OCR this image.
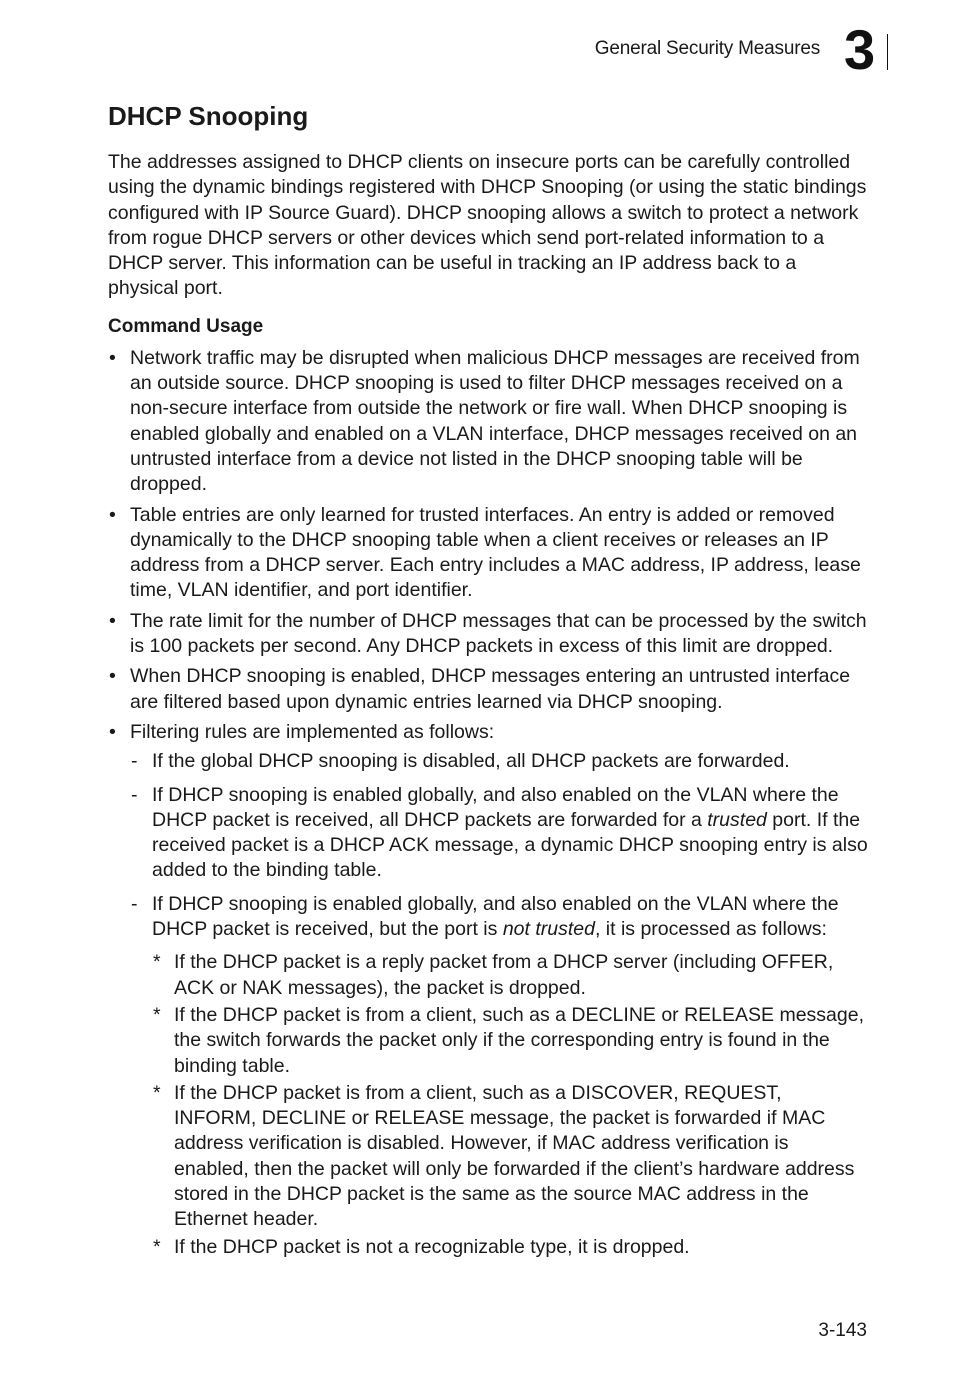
General Security Measures 3
DHCP Snooping

The addresses assigned to DHCP clients on insecure ports can be carefully controlled using the dynamic bindings registered with DHCP Snooping (or using the static bindings configured with IP Source Guard). DHCP snooping allows a switch to protect a network from rogue DHCP servers or other devices which send port-related information to a DHCP server. This information can be useful in tracking an IP address back to a physical port.

Command Usage
• Network traffic may be disrupted when malicious DHCP messages are received from an outside source. DHCP snooping is used to filter DHCP messages received on a non-secure interface from outside the network or fire wall. When DHCP snooping is enabled globally and enabled on a VLAN interface, DHCP messages received on an untrusted interface from a device not listed in the DHCP snooping table will be dropped.
• Table entries are only learned for trusted interfaces. An entry is added or removed dynamically to the DHCP snooping table when a client receives or releases an IP address from a DHCP server. Each entry includes a MAC address, IP address, lease time, VLAN identifier, and port identifier.
• The rate limit for the number of DHCP messages that can be processed by the switch is 100 packets per second. Any DHCP packets in excess of this limit are dropped.
• When DHCP snooping is enabled, DHCP messages entering an untrusted interface are filtered based upon dynamic entries learned via DHCP snooping.
• Filtering rules are implemented as follows:
- If the global DHCP snooping is disabled, all DHCP packets are forwarded.
- If DHCP snooping is enabled globally, and also enabled on the VLAN where the DHCP packet is received, all DHCP packets are forwarded for a trusted port. If the received packet is a DHCP ACK message, a dynamic DHCP snooping entry is also added to the binding table.
- If DHCP snooping is enabled globally, and also enabled on the VLAN where the DHCP packet is received, but the port is not trusted, it is processed as follows:
* If the DHCP packet is a reply packet from a DHCP server (including OFFER, ACK or NAK messages), the packet is dropped.
* If the DHCP packet is from a client, such as a DECLINE or RELEASE message, the switch forwards the packet only if the corresponding entry is found in the binding table.
* If the DHCP packet is from a client, such as a DISCOVER, REQUEST, INFORM, DECLINE or RELEASE message, the packet is forwarded if MAC address verification is disabled. However, if MAC address verification is enabled, then the packet will only be forwarded if the client’s hardware address stored in the DHCP packet is the same as the source MAC address in the Ethernet header.
* If the DHCP packet is not a recognizable type, it is dropped.
3-143
